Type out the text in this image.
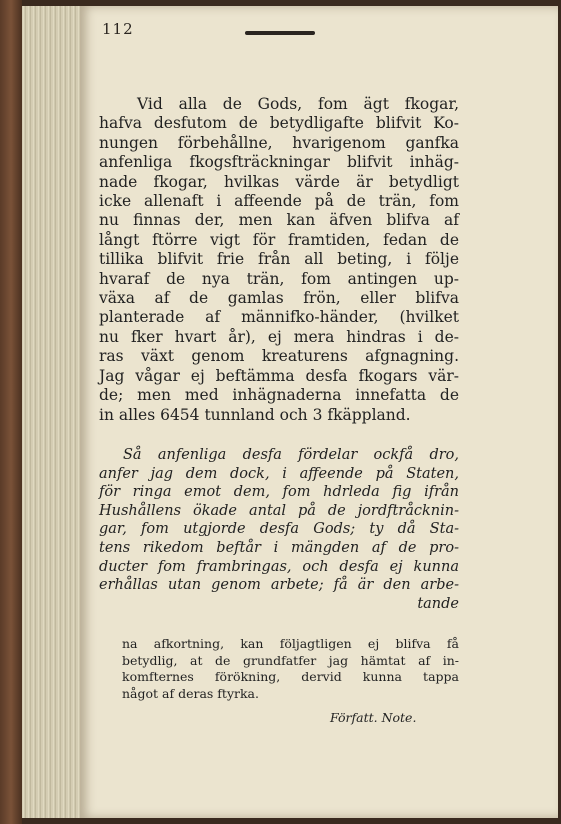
112
Vid alla de Gods, fom ägt fkogar,
hafva desfutom de betydligafte blifvit Ko-
nungen förbehållne, hvarigenom ganfka
anfenliga fkogsfträckningar blifvit inhäg-
nade fkogar, hvilkas värde är betydligt
icke allenaft i affeende på de trän, fom
nu finnas der, men kan äfven blifva af
långt ftörre vigt för framtiden, fedan de
tillika blifvit frie från all beting, i följe
hvaraf de nya trän, fom antingen up-
växa af de gamlas frön, eller blifva
planterade af männifko-händer, (hvilket
nu fker hvart år), ej mera hindras i de-
ras växt genom kreaturens afgnagning.
Jag vågar ej beftämma desfa fkogars vär-
de; men med inhägnaderna innefatta de
in alles 6454 tunnland och 3 fkäppland.
Så anfenliga desfa fördelar ockfå dro,
anfer jag dem dock, i affeende på Staten,
för ringa emot dem, fom hdrleda fig ifrån
Hushållens ökade antal på de jordftråcknin-
gar, fom utgjorde desfa Gods; ty då Sta-
tens rikedom beftår i mängden af de pro-
ducter fom frambringas, och desfa ej kunna
erhållas utan genom arbete; få är den arbe-
tande
na afkortning, kan följagtligen ej blifva få
betydlig, at de grundfatfer jag hämtat af in-
komfternes förökning, dervid kunna tappa
något af deras ftyrka.
Författ. Note.
